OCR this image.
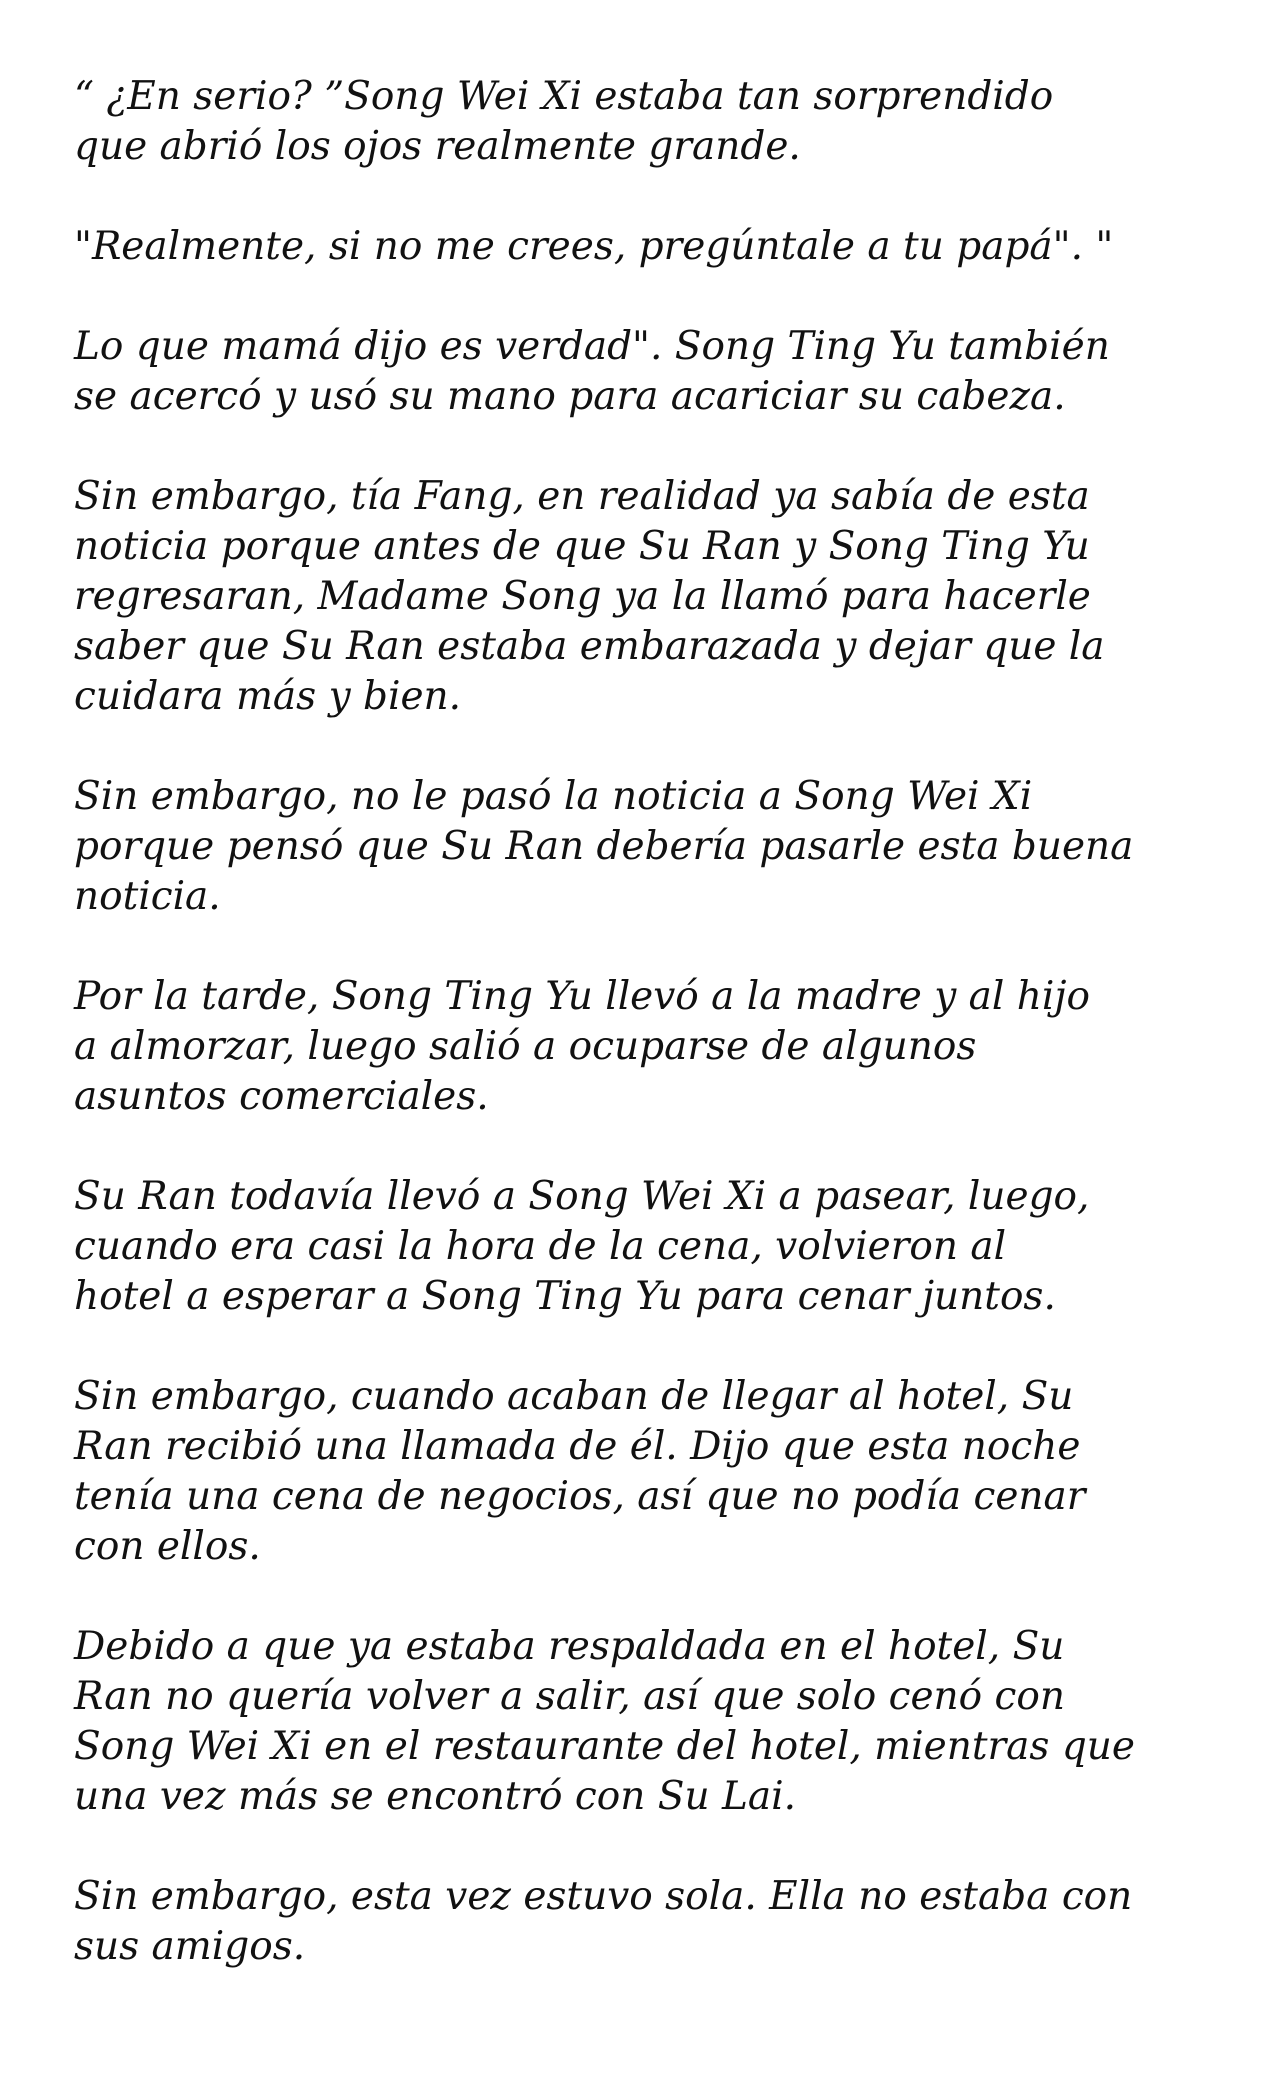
“ ¿En serio? ”Song Wei Xi estaba tan sorprendido
que abrió los ojos realmente grande.

"Realmente, si no me crees, pregúntale a tu papá". "

Lo que mamá dijo es verdad". Song Ting Yu también
se acercó y usó su mano para acariciar su cabeza.

Sin embargo, tía Fang, en realidad ya sabía de esta
noticia porque antes de que Su Ran y Song Ting Yu
regresaran, Madame Song ya la llamó para hacerle
saber que Su Ran estaba embarazada y dejar que la
cuidara más y bien.

Sin embargo, no le pasó la noticia a Song Wei Xi
porque pensó que Su Ran debería pasarle esta buena
noticia.

Por la tarde, Song Ting Yu llevó a la madre y al hijo
a almorzar, luego salió a ocuparse de algunos
asuntos comerciales.

Su Ran todavía llevó a Song Wei Xi a pasear, luego,
cuando era casi la hora de la cena, volvieron al
hotel a esperar a Song Ting Yu para cenar juntos.

Sin embargo, cuando acaban de llegar al hotel, Su
Ran recibió una llamada de él. Dijo que esta noche
tenía una cena de negocios, así que no podía cenar
con ellos.

Debido a que ya estaba respaldada en el hotel, Su
Ran no quería volver a salir, así que solo cenó con
Song Wei Xi en el restaurante del hotel, mientras que
una vez más se encontró con Su Lai.

Sin embargo, esta vez estuvo sola. Ella no estaba con
sus amigos.
